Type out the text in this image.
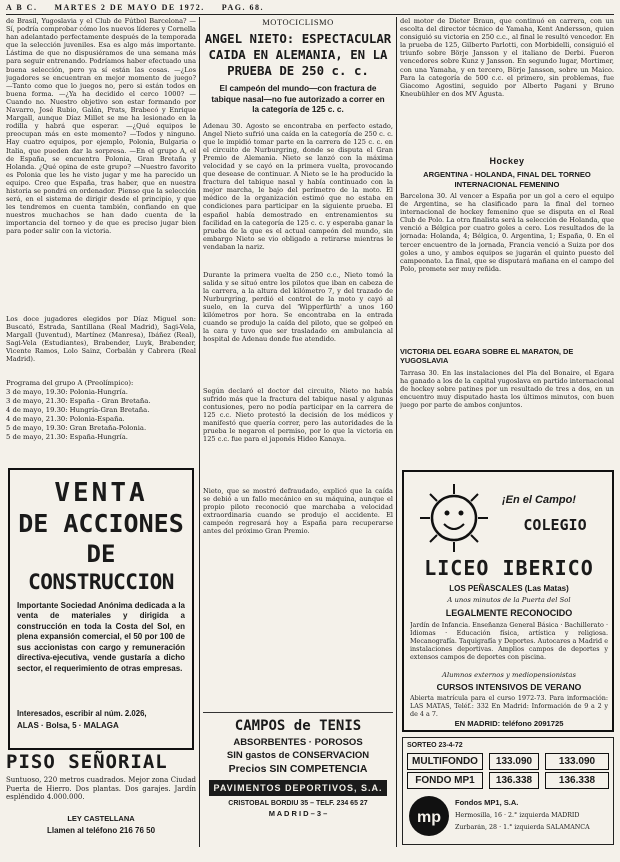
A B C. MARTES 2 DE MAYO DE 1972. PAG. 68.
de Brasil, Yugoslavia y el Club de Fútbol Barcelona? —Sí, podría comprobar cómo los nuevos líderes y Cornella han adelantado perfectamente después de la temporada que la selección juveniles. Esa es algo más importante. Lástima de que no dispusiéramos de una semana más para seguir entrenando. Podríamos haber efectuado una buena selección, pero ya sí están las cosas. —¿Los jugadores se encuentran en mejor momento de juego? —Tanto como que lo juegos no, pero si están todos en buena forma. —¿Ya ha decidido el cerco 1000? —Cuando no. Nuestro objetivo son estar formando por Navarro, José Rubio, Galán, Prats, Brabecó y Enrique Margall, aunque Díaz Millet se me ha lesionado en la rodilla y habrá que esperar. —¿Qué equipos le preocupan más en este momento? —Todos y ninguno. Hay cuatro equipos, por ejemplo, Polonia, Bulgaria o Italia, que pueden dar la sorpresa. —En el grupo A, el de España, se encuentra Polonia, Gran Bretaña y Holanda. ¿Qué opina de este grupo? —Nuestro favorito es Polonia que les he visto jugar y me ha parecido un equipo. Creo que España, tras haber, que en nuestra historia se pondrá en ordenador. Pienso que la selección será, en el sistema de dirigir desde el principio, y que les tendremos en cuenta también, confiando en que nuestros muchachos se han dado cuenta de la importancia del torneo y de que es preciso jugar bien para poder salir con la victoria.
Los doce jugadores elegidos por Díaz Miguel son: Buscató, Estrada, Santillana (Real Madrid), Sagi-Vela, Margall (Juventud), Martínez (Manresa), Ibáñez (Real), Sagi-Vela (Estudiantes), Brabender, Luyk, Brabender, Vicente Ramos, Lolo Sainz, Corbalán y Cabrera (Real Madrid).
Programa del grupo A (Preolímpico):
3 de mayo, 19.30: Polonia-Hungría.
3 de mayo, 21.30: España - Gran Bretaña.
4 de mayo, 19.30: Hungría-Gran Bretaña.
4 de mayo, 21.30: Polonia-España.
5 de mayo, 19.30: Gran Bretaña-Polonia.
5 de mayo, 21.30: España-Hungría.
VENTA
DE ACCIONES
DE
CONSTRUCCION
Importante Sociedad Anónima dedicada a la venta de materiales y dirigida a construcción en toda la Costa del Sol, en plena expansión comercial, el 50 por 100 de sus accionistas con cargo y remuneración directiva-ejecutiva, vende gustaría a dicho sector, el requerimiento de otras empresas.
Interesados, escribir al núm. 2.026,
ALAS · Bolsa, 5 · MALAGA
PISO SEÑORIAL
Suntuoso, 220 metros cuadrados. Mejor zona Ciudad Puerta de Hierro. Dos plantas. Dos garajes. Jardín espléndido 4.000.000.
LEY CASTELLANA
Llamen al teléfono 216 76 50
MOTOCICLISMO
ANGEL NIETO: ESPECTACULAR CAIDA EN ALEMANIA, EN LA PRUEBA DE 250 c. c.
El campeón del mundo—con fractura de tabique nasal—no fue autorizado a correr en la categoría de 125 c. c.
Adenau 30. Agosto se encontraba en perfecto estado, Angel Nieto sufrió una caída en la categoría de 250 c. c. que le impidió tomar parte en la carrera de 125 c. c. en el circuito de Nurburgring, donde se disputa el Gran Premio de Alemania. Nieto se lanzó con la máxima velocidad y se cayó en la primera vuelta, provocando que desease de continuar. A Nieto se le ha producido la fractura del tabique nasal y había continuado con la mejor marcha, le bajo del perímetro de la moto. El médico de la organización estimó que no estaba en condiciones para participar en la siguiente prueba. El español había demostrado en entrenamientos su facilidad en la categoría de 125 c. c. y esperaba ganar la prueba de la que es el actual campeón del mundo, sin embargo Nieto se vio obligado a retirarse mientras le vendaban la nariz.
Durante la primera vuelta de 250 c.c., Nieto tomó la salida y se situó entre los pilotos que iban en cabeza de la carrera, a la altura del kilómetro 7, y del trazado de Nurburgring, perdió el control de la moto y cayó al suelo, en la curva del 'Wipperfürth' a unos 160 kilómetros por hora. Se encontraba en la entrada cuando se produjo la caída del piloto, que se golpeó en la cara y tuvo que ser trasladado en ambulancia al hospital de Adenau donde fue atendido.
Según declaró el doctor del circuito, Nieto no había sufrido más que la fractura del tabique nasal y algunas contusiones, pero no podía participar en la carrera de 125 c.c. Nieto protestó la decisión de los médicos y manifestó que quería correr, pero las autoridades de la prueba le negaron el permiso, por lo que la victoria en 125 c.c. fue para el japonés Hideo Kanaya.
Nieto, que se mostró defraudado, explicó que la caída se debió a un fallo mecánico en su máquina, aunque el propio piloto reconoció que marchaba a velocidad extraordinaria cuando se produjo el accidente. El campeón regresará hoy a España para recuperarse antes del próximo Gran Premio.
CAMPOS de TENIS
ABSORBENTES · POROSOS
SIN gastos de CONSERVACION
Precios SIN COMPETENCIA
PAVIMENTOS DEPORTIVOS, S.A.
CRISTOBAL BORDIU 35 – TELF. 234 65 27
M A D R I D – 3 –
del motor de Dieter Braun, que continuó en carrera, con un escolta del director técnico de Yamaha, Kent Andersson, quien consiguió su victoria en 250 c.c., al final le resultó vencedor. En la prueba de 125, Gilberto Parlotti, con Morbidelli, consiguió el triunfo sobre Börje Jansson y el italiano de Derbi. Fueron vencedores sobre Kunz y Jansson. En segundo lugar, Mortimer, con una Yamaha, y en tercero, Börje Jansson, sobre un Maico. Para la categoría de 500 c.c. el primero, sin problemas, fue Giacomo Agostini, seguido por Alberto Pagani y Bruno Kneubühler en dos MV Agusta.
Hockey
ARGENTINA - HOLANDA, FINAL DEL TORNEO INTERNACIONAL FEMENINO
Barcelona 30. Al vencer a España por un gol a cero el equipo de Argentina, se ha clasificado para la final del torneo internacional de hockey femenino que se disputa en el Real Club de Polo. La otra finalista será la selección de Holanda, que venció a Bélgica por cuatro goles a cero. Los resultados de la jornada: Holanda, 4; Bélgica, 0. Argentina, 1; España, 0. En el tercer encuentro de la jornada, Francia venció a Suiza por dos goles a uno, y ambos equipos se jugarán el quinto puesto del campeonato. La final, que se disputará mañana en el campo del Polo, promete ser muy reñida.
VICTORIA DEL EGARA SOBRE EL MARATON, DE YUGOSLAVIA
Tarrasa 30. En las instalaciones del Pla del Bonaire, el Egara ha ganado a los de la capital yugoslava en partido internacional de hockey sobre patines por un resultado de tres a dos, en un encuentro muy disputado hasta los últimos minutos, con buen juego por parte de ambos conjuntos.
¡En el Campo!
COLEGIO
LICEO IBERICO
LOS PEÑASCALES (Las Matas)
A unos minutos de la Puerta del Sol
LEGALMENTE RECONOCIDO
Jardín de Infancia. Enseñanza General Básica · Bachillerato · Idiomas · Educación física, artística y religiosa. Mecanografía. Taquigrafía y Deportes. Autocares a Madrid e instalaciones deportivas. Amplios campos de deportes y extensos campos de deportes con piscina.
Alumnos externos y mediopensionistas
CURSOS INTENSIVOS DE VERANO
Abierta matrícula para el curso 1972-73. Para información: LAS MATAS, Teléf.: 332 En Madrid: Información de 9 a 2 y de 4 a 7.
EN MADRID: teléfono 2091725
SORTEO 23-4-72
MULTIFONDO
FONDO MP1
133.090
136.338
133.090
136.338
mp
Fondos MP1, S.A.
Hermosilla, 16 · 2.° izquierda MADRID
Zurbarán, 28 · 1.° izquierda SALAMANCA
